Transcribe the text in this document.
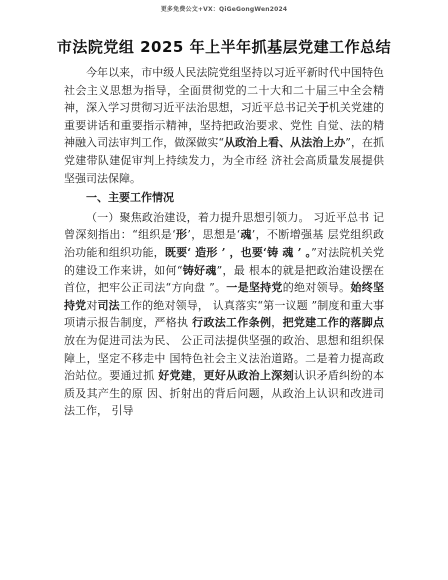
更多免费公文+VX：QiGeGongWen2024
市法院党组 2025 年上半年抓基层党建工作总结

今年以来，市中级人民法院党组坚持以习近平新时代中国特色社会主义思想为指导，全面贯彻党的二十大和二十届三中全会精神，深入学习贯彻习近平法治思想，习近平总书记关于机关党建的重要讲话和重要指示精神，坚持把政治要求、党性 自觉、法的精神融入司法审判工作，做深做实“从政治上看、从法治上办”，在抓党建带队建促审判上持续发力，为全市经 济社会高质量发展提供坚强司法保障。

一、主要工作情况

（一）聚焦政治建设，着力提升思想引领力。 习近平总书 记曾深刻指出：“组织是‘形’，思想是‘魂’，不断增强基 层党组织政治功能和组织功能，既要‘ 造形 ’ ，也要‘铸 魂 ’ 。”对法院机关党的建设工作来讲，如何“铸好魂”，最 根本的就是把政治建设摆在首位，把牢公正司法“方向盘 ”。一是坚持党的绝对领导。始终坚持党对司法工作的绝对领导， 认真落实“第一议题 ”制度和重大事项请示报告制度，严格执 行政法工作条例，把党建工作的落脚点放在为促进司法为民、 公正司法提供坚强的政治、思想和组织保障上，坚定不移走中 国特色社会主义法治道路。二是着力提高政治站位。要通过抓 好党建，更好从政治上深刻认识矛盾纠纷的本质及其产生的原 因、折射出的背后问题，从政治上认识和改进司法工作， 引导
